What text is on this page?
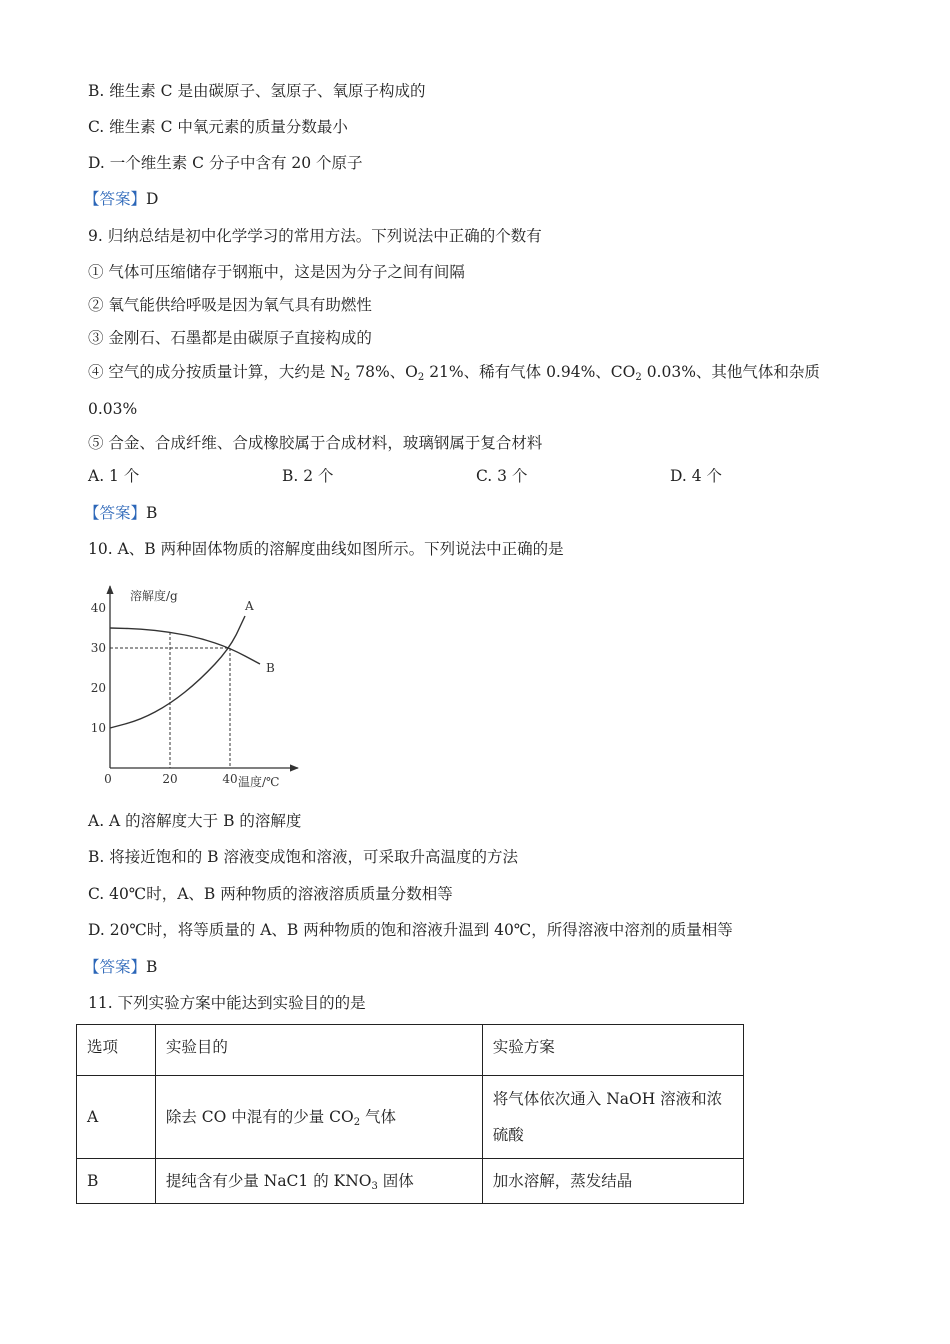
B. 维生素 C 是由碳原子、氢原子、氧原子构成的
C. 维生素 C 中氧元素的质量分数最小
D. 一个维生素 C 分子中含有 20 个原子
【答案】D
9. 归纳总结是初中化学学习的常用方法。下列说法中正确的个数有
① 气体可压缩储存于钢瓶中，这是因为分子之间有间隔
② 氧气能供给呼吸是因为氧气具有助燃性
③ 金刚石、石墨都是由碳原子直接构成的
④ 空气的成分按质量计算，大约是 $N_2$ 78%、$O_2$ 21%、稀有气体 0.94%、$CO_2$ 0.03%、其他气体和杂质
0.03%
⑤ 合金、合成纤维、合成橡胶属于合成材料，玻璃钢属于复合材料
A. 1 个	B. 2 个	C. 3 个	D. 4 个
【答案】B
10. A、B 两种固体物质的溶解度曲线如图所示。下列说法中正确的是
10
20
30
40
20	40
0
溶解度/g
温度/℃
A
B
A. A 的溶解度大于 B 的溶解度
B. 将接近饱和的 B 溶液变成饱和溶液，可采取升高温度的方法
C. 40℃时，A、B 两种物质的溶液溶质质量分数相等
D. 20℃时，将等质量的 A、B 两种物质的饱和溶液升温到 40℃，所得溶液中溶剂的质量相等
【答案】B
11. 下列实验方案中能达到实验目的的是
选项	实验目的	实验方案
A	除去 CO 中混有的少量 $CO_2$ 气体	将气体依次通入 NaOH 溶液和浓
硫酸

B	提纯含有少量 NaC1 的 $KNO_3$ 固体	加水溶解，蒸发结晶
